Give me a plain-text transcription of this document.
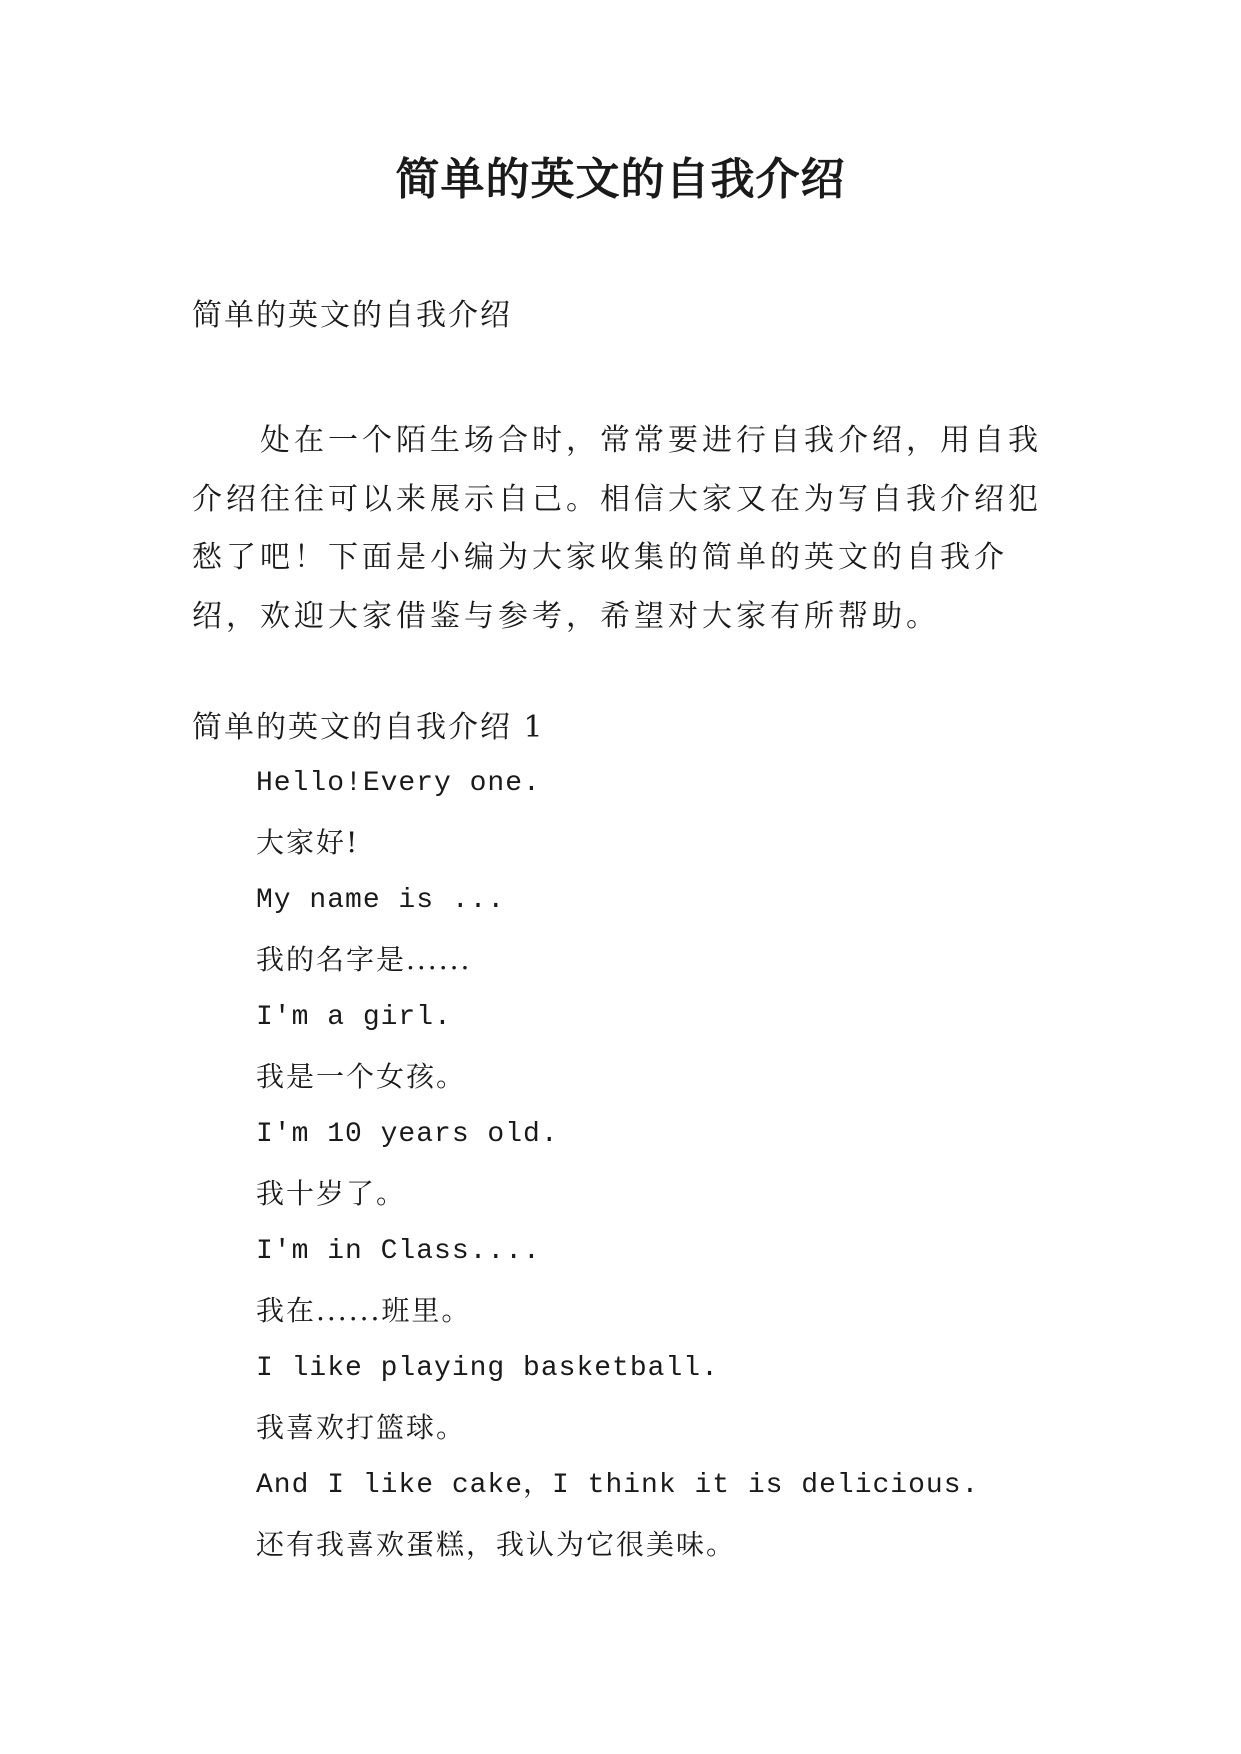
简单的英文的自我介绍
简单的英文的自我介绍

处在一个陌生场合时，常常要进行自我介绍，用自我介绍往往可以来展示自己。相信大家又在为写自我介绍犯愁了吧！下面是小编为大家收集的简单的英文的自我介绍，欢迎大家借鉴与参考，希望对大家有所帮助。

简单的英文的自我介绍 1
Hello!Every one.
大家好!
My name is ...
我的名字是......
I'm a girl.
我是一个女孩。
I'm 10 years old.
我十岁了。
I'm in Class....
我在......班里。
I like playing basketball.
我喜欢打篮球。
And I like cake，I think it is delicious.
还有我喜欢蛋糕，我认为它很美味。
